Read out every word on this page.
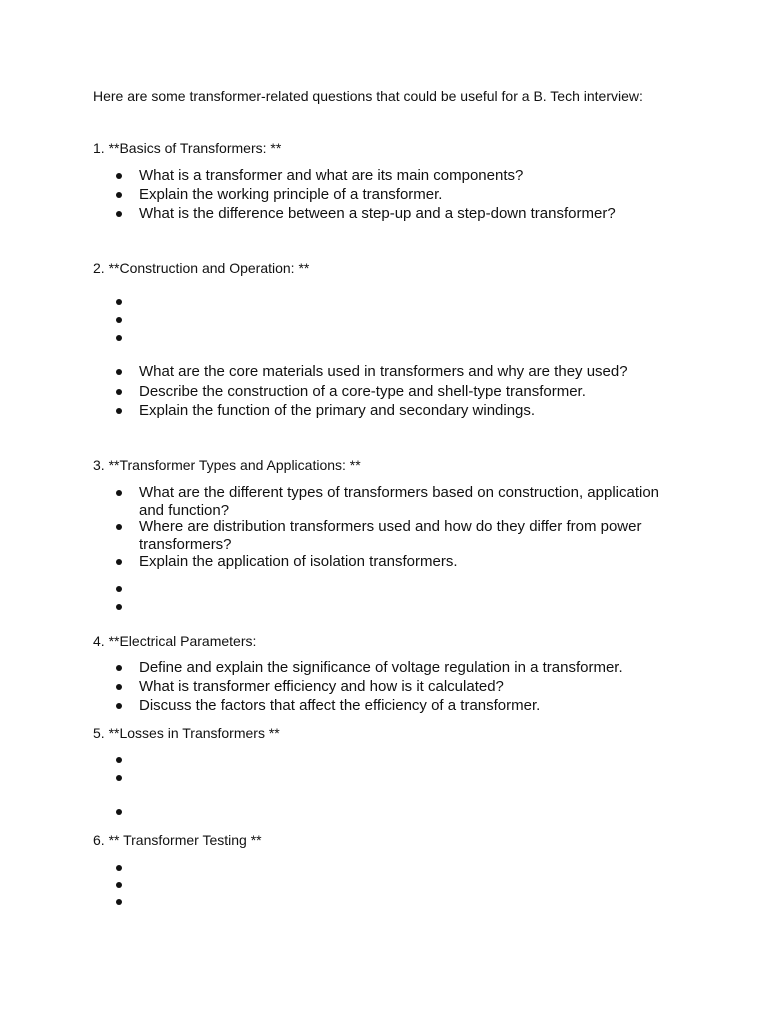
Here are some transformer-related questions that could be useful for a B. Tech interview:

1. **Basics of Transformers: **

What is a transformer and what are its main components?

Explain the working principle of a transformer.

What is the difference between a step-up and a step-down transformer?

2. **Construction and Operation: **

What are the core materials used in transformers and why are they used?

Describe the construction of a core-type and shell-type transformer.

Explain the function of the primary and secondary windings.

3. **Transformer Types and Applications: **

What are the different types of transformers based on construction, application and function?

Where are distribution transformers used and how do they differ from power transformers?

Explain the application of isolation transformers.

4. **Electrical Parameters:

Define and explain the significance of voltage regulation in a transformer.

What is transformer efficiency and how is it calculated?

Discuss the factors that affect the efficiency of a transformer.

5. **Losses in Transformers **

6. ** Transformer Testing **
